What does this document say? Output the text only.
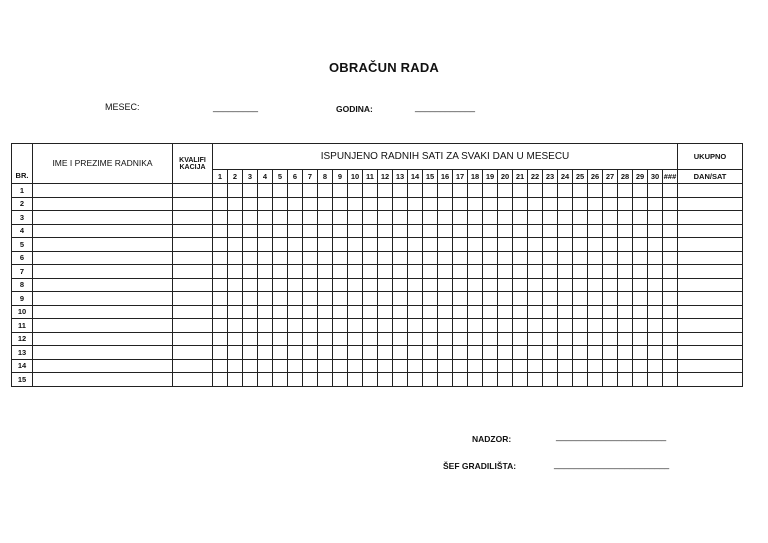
OBRAČUN RADA
MESEC:	_________	GODINA:	____________
BR.	IME I PREZIME RADNIKA	KVALIFI KACIJA	ISPUNJENO RADNIH SATI ZA SVAKI DAN U MESECU																															UKUPNO
			1	2	3	4	5	6	7	8	9	10	11	12	13	14	15	16	17	18	19	20	21	22	23	24	25	26	27	28	29	30	###	DAN/SAT
1																																		
2																																		
3																																		
4																																		
5																																		
6																																		
7																																		
8																																		
9																																		
10																																		
11																																		
12																																		
13																																		
14																																		
15																																		
NADZOR:	______________________
ŠEF GRADILIŠTA:	_______________________
